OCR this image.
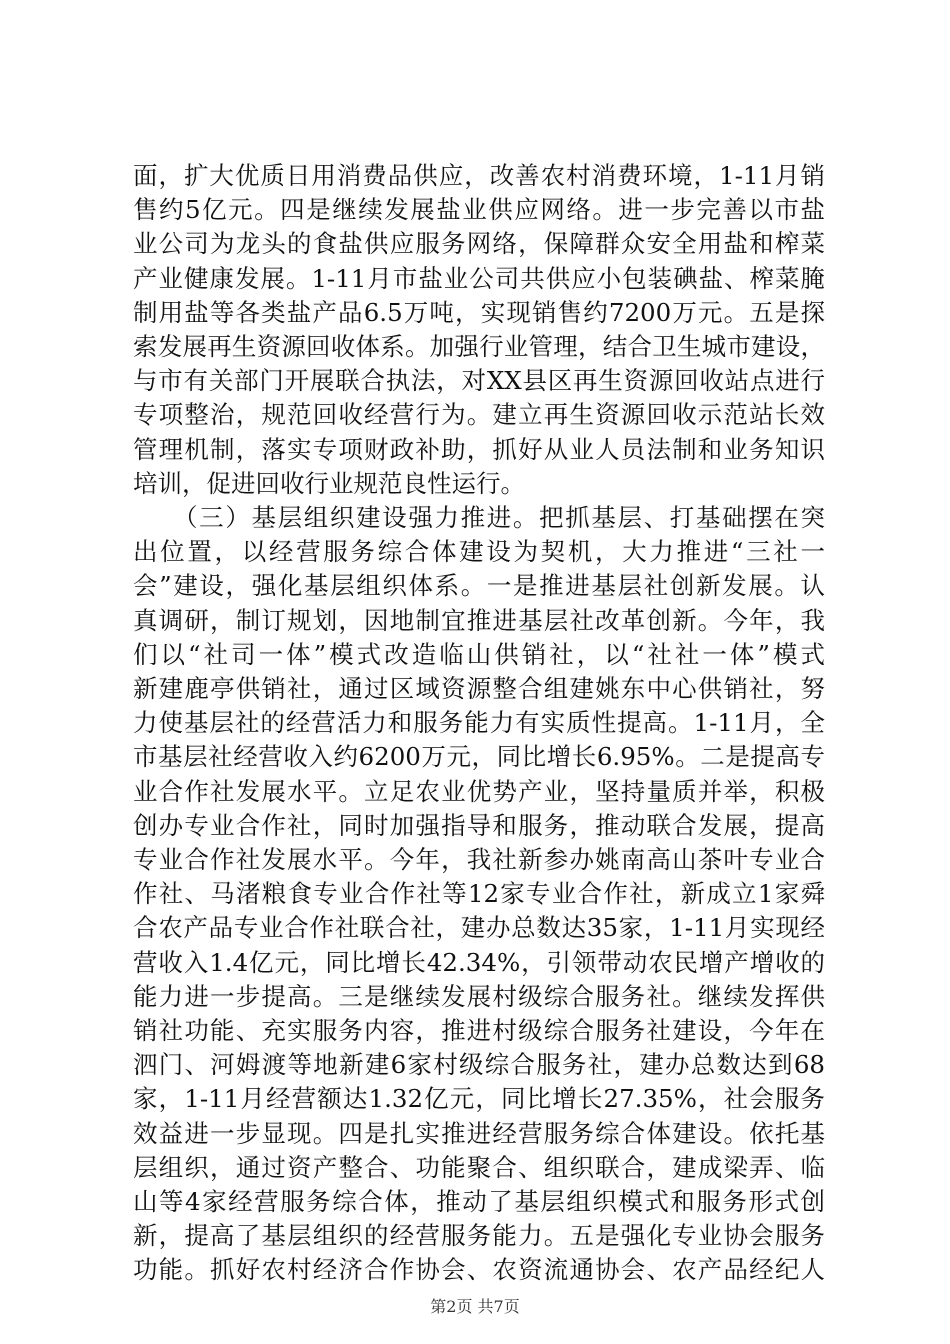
面，扩大优质日用消费品供应，改善农村消费环境，1-11月销
售约5亿元。四是继续发展盐业供应网络。进一步完善以市盐
业公司为龙头的食盐供应服务网络，保障群众安全用盐和榨菜
产业健康发展。1-11月市盐业公司共供应小包装碘盐、榨菜腌
制用盐等各类盐产品6.5万吨，实现销售约7200万元。五是探
索发展再生资源回收体系。加强行业管理，结合卫生城市建设，
与市有关部门开展联合执法，对XX县区再生资源回收站点进行
专项整治，规范回收经营行为。建立再生资源回收示范站长效
管理机制，落实专项财政补助，抓好从业人员法制和业务知识
培训，促进回收行业规范良性运行。
　　（三）基层组织建设强力推进。把抓基层、打基础摆在突
出位置，以经营服务综合体建设为契机，大力推进“三社一
会”建设，强化基层组织体系。一是推进基层社创新发展。认
真调研，制订规划，因地制宜推进基层社改革创新。今年，我
们以“社司一体”模式改造临山供销社，以“社社一体”模式
新建鹿亭供销社，通过区域资源整合组建姚东中心供销社，努
力使基层社的经营活力和服务能力有实质性提高。1-11月，全
市基层社经营收入约6200万元，同比增长6.95%。二是提高专
业合作社发展水平。立足农业优势产业，坚持量质并举，积极
创办专业合作社，同时加强指导和服务，推动联合发展，提高
专业合作社发展水平。今年，我社新参办姚南高山茶叶专业合
作社、马渚粮食专业合作社等12家专业合作社，新成立1家舜
合农产品专业合作社联合社，建办总数达35家，1-11月实现经
营收入1.4亿元，同比增长42.34%，引领带动农民增产增收的
能力进一步提高。三是继续发展村级综合服务社。继续发挥供
销社功能、充实服务内容，推进村级综合服务社建设，今年在
泗门、河姆渡等地新建6家村级综合服务社，建办总数达到68
家，1-11月经营额达1.32亿元，同比增长27.35%，社会服务
效益进一步显现。四是扎实推进经营服务综合体建设。依托基
层组织，通过资产整合、功能聚合、组织联合，建成梁弄、临
山等4家经营服务综合体，推动了基层组织模式和服务形式创
新，提高了基层组织的经营服务能力。五是强化专业协会服务
功能。抓好农村经济合作协会、农资流通协会、农产品经纪人
第2页 共7页
